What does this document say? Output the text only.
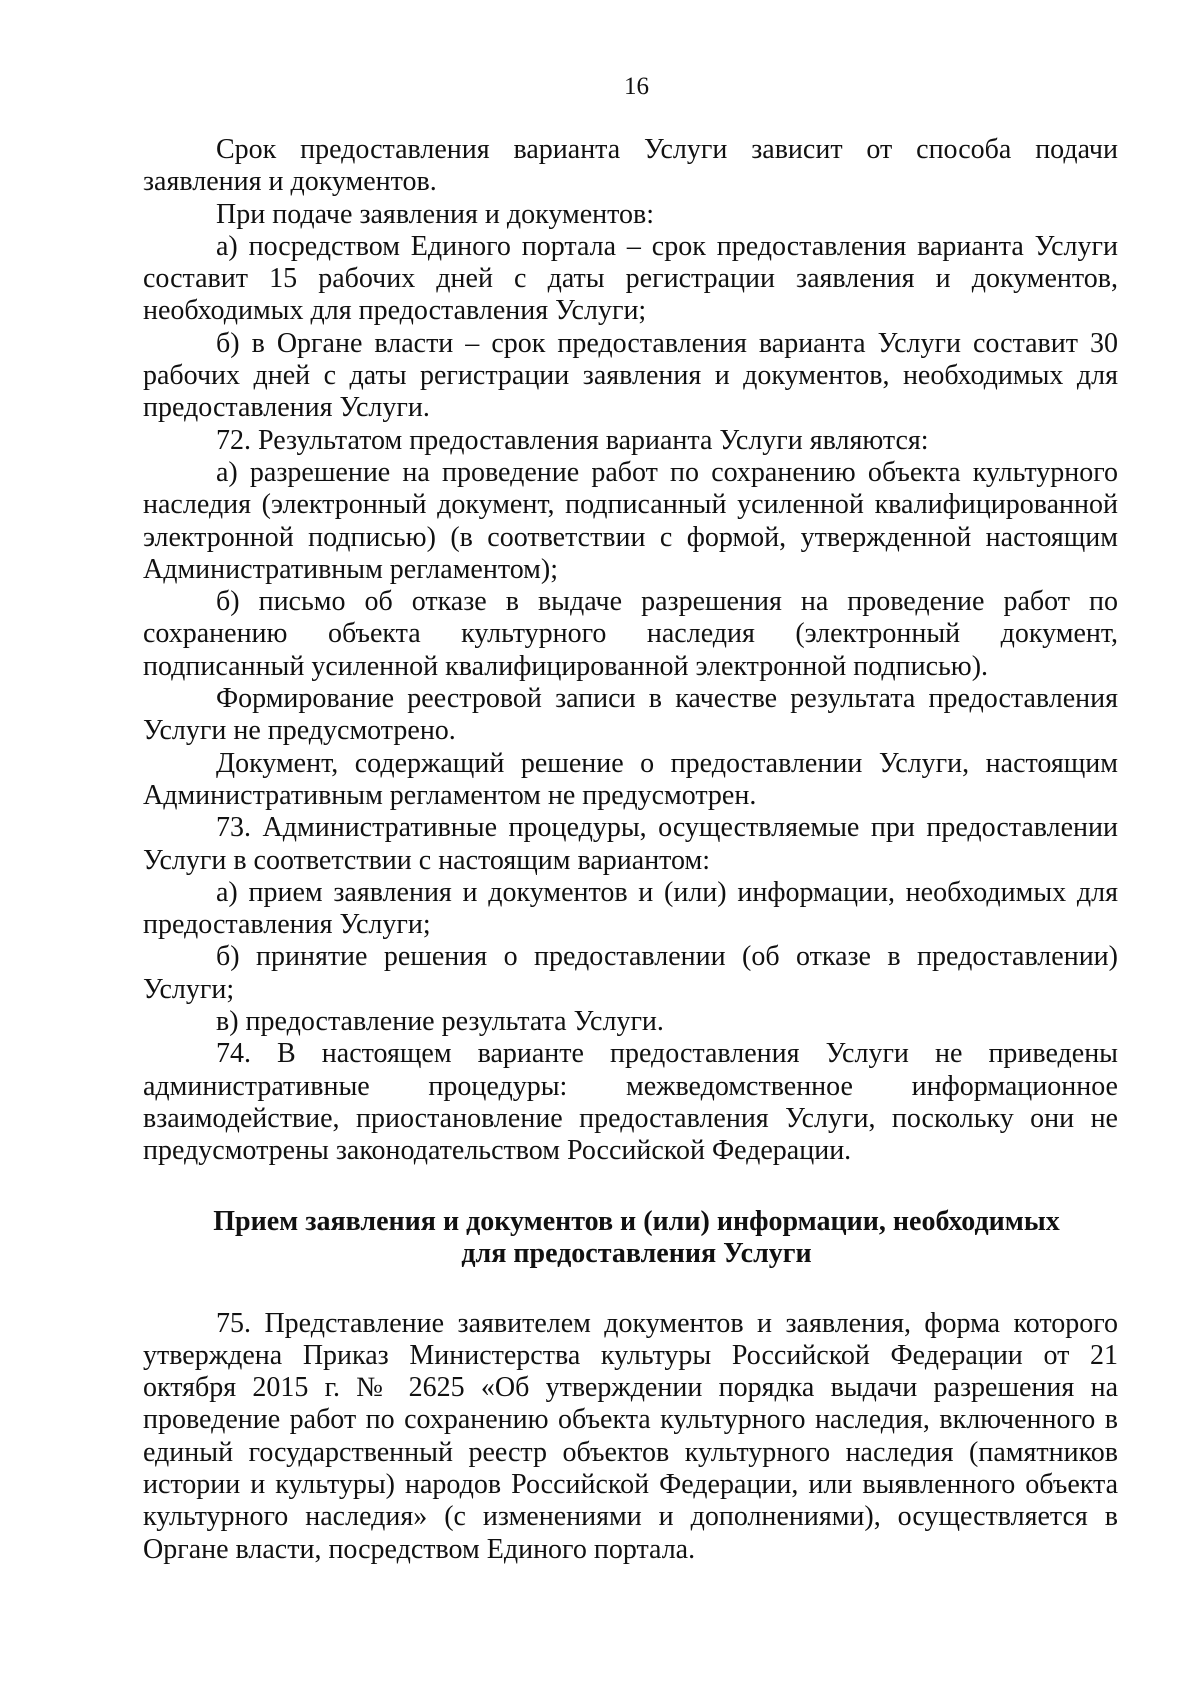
16

Срок предоставления варианта Услуги зависит от способа подачи заявления и документов.

При подаче заявления и документов:

а) посредством Единого портала – срок предоставления варианта Услуги составит 15 рабочих дней с даты регистрации заявления и документов, необходимых для предоставления Услуги;

б) в Органе власти – срок предоставления варианта Услуги составит 30 рабочих дней с даты регистрации заявления и документов, необходимых для предоставления Услуги.

72. Результатом предоставления варианта Услуги являются:

а) разрешение на проведение работ по сохранению объекта культурного наследия (электронный документ, подписанный усиленной квалифицированной электронной подписью) (в соответствии с формой, утвержденной настоящим Административным регламентом);

б) письмо об отказе в выдаче разрешения на проведение работ по сохранению объекта культурного наследия (электронный документ, подписанный усиленной квалифицированной электронной подписью).

Формирование реестровой записи в качестве результата предоставления Услуги не предусмотрено.

Документ, содержащий решение о предоставлении Услуги, настоящим Административным регламентом не предусмотрен.

73. Административные процедуры, осуществляемые при предоставлении Услуги в соответствии с настоящим вариантом:

а) прием заявления и документов и (или) информации, необходимых для предоставления Услуги;

б) принятие решения о предоставлении (об отказе в предоставлении) Услуги;

в) предоставление результата Услуги.

74. В настоящем варианте предоставления Услуги не приведены административные процедуры: межведомственное информационное взаимодействие, приостановление предоставления Услуги, поскольку они не предусмотрены законодательством Российской Федерации.

Прием заявления и документов и (или) информации, необходимых
для предоставления Услуги

75. Представление заявителем документов и заявления, форма которого утверждена Приказ Министерства культуры Российской Федерации от 21 октября 2015 г. № 2625 «Об утверждении порядка выдачи разрешения на проведение работ по сохранению объекта культурного наследия, включенного в единый государственный реестр объектов культурного наследия (памятников истории и культуры) народов Российской Федерации, или выявленного объекта культурного наследия» (с изменениями и дополнениями), осуществляется в Органе власти, посредством Единого портала.
